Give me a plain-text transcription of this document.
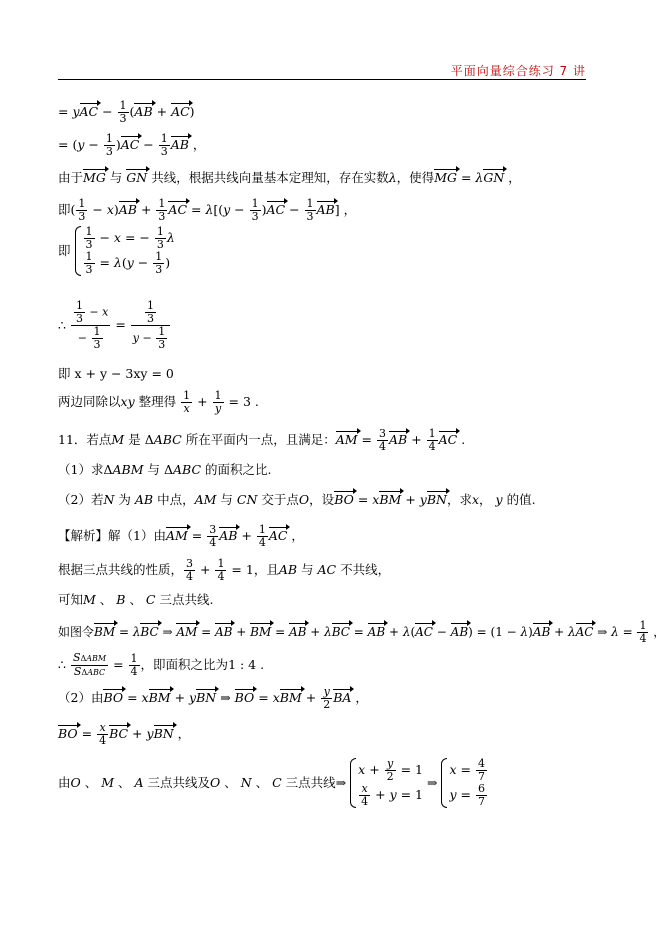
平面向量综合练习 7 讲
= yAC − $\frac{1}{3} (AB + AC)$
= $(y - \frac{1}{3} )AC - \frac{1}{3}$ AB ，
由于MG 与 GN 共线，根据共线向量基本定理知，存在实数λ，使得MG = λGN ，
即( $\frac{1}{3} - x)AB + \frac{1}{3}$ AC = $\lambda[(y - \frac{1}{3} )AC - \frac{1}{3} AB]$ ，
即 $\frac{1}{3} - x$ = − $\frac{1}{3}$ λ
$\frac{1}{3} = \lambda(y - \frac{1}{3}$ )
∴ $\frac{\frac{1}{3} - x}{- \frac{1}{3}} = \frac{\frac{1}{3}}{y - \frac{1}{3}}$
即 x + y − 3xy = 0
两边同除以xy 整理得 $\frac{1}{x} + \frac{1}{y} = 3$ .
11．若点M 是 ΔABC 所在平面内一点，且满足：AM = $\frac{3}{4}$ AB + $\frac{1}{4}$ AC .
（1）求ΔABM 与 ΔABC 的面积之比.
（2）若N 为 AB 中点，AM 与 CN 交于点O，设BO = xBM + yBN，求x， y 的值.
【解析】解（1）由AM = $\frac{3}{4}$ AB + $\frac{1}{4}$ AC ，
根据三点共线的性质， $\frac{3}{4} + \frac{1}{4} = 1$，且AB 与 AC 不共线，
可知M 、 B 、 C 三点共线.
如图令BM = λBC ⇒ AM = AB + BM = AB + λBC = AB + λ(AC − AB) = (1 − λ)AB + λAC ⇒ $\lambda = \frac{1}{4}$ ，
∴ SΔABM
SΔABC
= $\frac{1}{4}$ ，即面积之比为1 : 4 .
（2）由BO = xBM + yBN ⇒ BO = xBM + $\frac{y}{2}$ BA ，
BO = $\frac{x}{4}$ BC + yBN ，
由O 、 M 、 A 三点共线及O 、 N 、 C 三点共线⇒
$x + \frac{y}{2} = 1$
$\frac{x}{4} + y = 1$
⇒
$x = \frac{4}{7}$
$y = \frac{6}{7}$
